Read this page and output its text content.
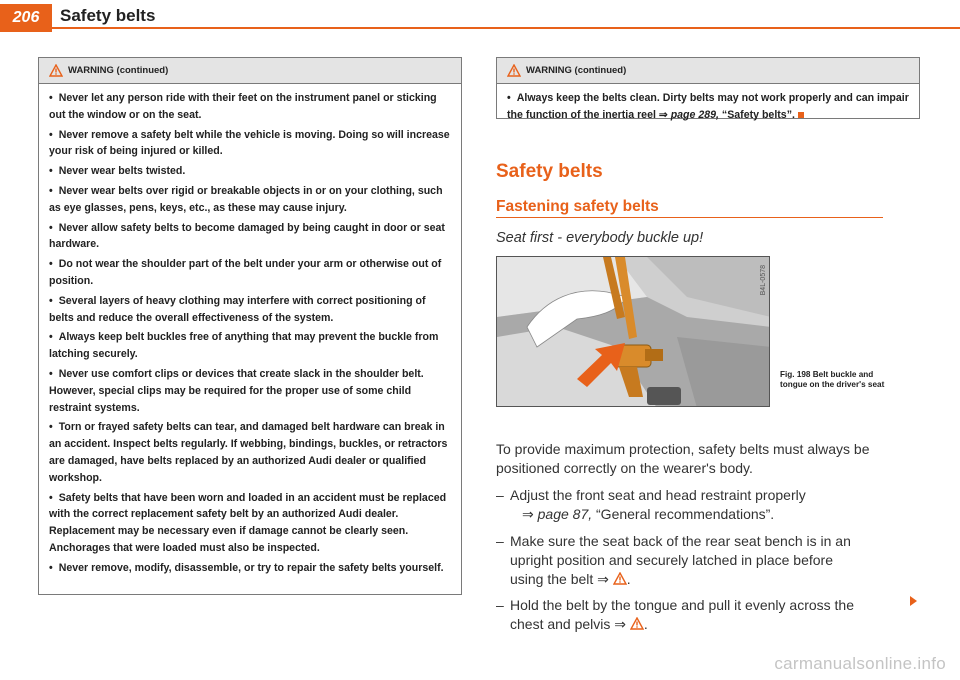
206	Safety belts
WARNING (continued)

• Never let any person ride with their feet on the instrument panel or sticking out the window or on the seat.

• Never remove a safety belt while the vehicle is moving. Doing so will increase your risk of being injured or killed.

• Never wear belts twisted.

• Never wear belts over rigid or breakable objects in or on your clothing, such as eye glasses, pens, keys, etc., as these may cause injury.

• Never allow safety belts to become damaged by being caught in door or seat hardware.

• Do not wear the shoulder part of the belt under your arm or otherwise out of position.

• Several layers of heavy clothing may interfere with correct positioning of belts and reduce the overall effectiveness of the system.

• Always keep belt buckles free of anything that may prevent the buckle from latching securely.

• Never use comfort clips or devices that create slack in the shoulder belt. However, special clips may be required for the proper use of some child restraint systems.

• Torn or frayed safety belts can tear, and damaged belt hardware can break in an accident. Inspect belts regularly. If webbing, bindings, buckles, or retractors are damaged, have belts replaced by an authorized Audi dealer or qualified workshop.

• Safety belts that have been worn and loaded in an accident must be replaced with the correct replacement safety belt by an authorized Audi dealer. Replacement may be necessary even if damage cannot be clearly seen. Anchorages that were loaded must also be inspected.

• Never remove, modify, disassemble, or try to repair the safety belts yourself.

WARNING (continued)

• Always keep the belts clean. Dirty belts may not work properly and can impair the function of the inertia reel ⇒ page 289, “Safety belts”.

Safety belts
Fastening safety belts
Seat first - everybody buckle up!
B4L-0578
Fig. 198 Belt buckle and tongue on the driver's seat
To provide maximum protection, safety belts must always be positioned correctly on the wearer's body.
– Adjust the front seat and head restraint properly
⇒ page 87, “General recommendations”.
– Make sure the seat back of the rear seat bench is in an
upright position and securely latched in place before
using the belt ⇒ .
– Hold the belt by the tongue and pull it evenly across the
chest and pelvis ⇒ .
carmanualsonline.info
